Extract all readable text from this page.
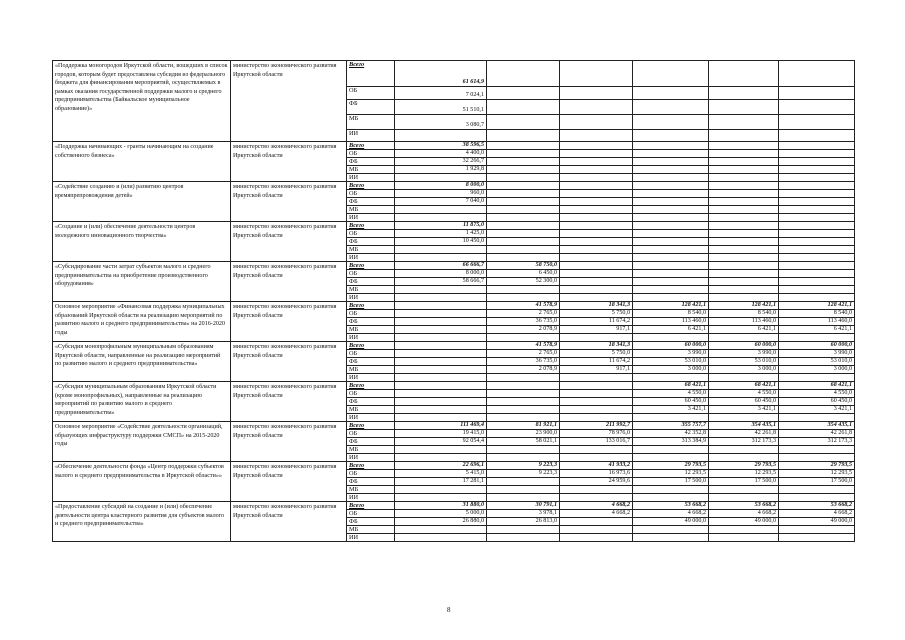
«Поддержка моногородов Иркутской области, вошедших в список городов, которым будет предоставлена субсидия из федерального бюджета для финансирования мероприятий, осуществляемых в рамках оказания государственной поддержки малого и среднего предпринимательства (Байкальское муниципальное образование)»	министерство экономического развития Иркутской области	Всего	61 614,9					
		ОБ	7 024,1					
		ФБ	51 510,1					
		МБ	3 080,7					
		ИИ						
«Поддержка начинающих - гранты начинающим на создание собственного бизнеса»	министерство экономического развития Иркутской области	Всего	38 596,5					
		ОБ	4 400,0					
		ФБ	32 266,7					
		МБ	1 929,8					
		ИИ						
«Содействие созданию и (или) развитию центров времяпрепровождения детей»	министерство экономического развития Иркутской области	Всего	8 000,0					
		ОБ	960,0					
		ФБ	7 040,0					
		МБ						
		ИИ						
«Создание и (или) обеспечение деятельности центров молодежного инновационного творчества»	министерство экономического развития Иркутской области	Всего	11 875,0					
		ОБ	1 425,0					
		ФБ	10 450,0					
		МБ						
		ИИ						
«Субсидирование части затрат субъектов малого и среднего предпринимательства на приобретение производственного оборудования»	министерство экономического развития Иркутской области	Всего	66 666,7	58 750,0				
		ОБ	8 000,0	6 450,0				
		ФБ	58 666,7	52 300,0				
		МБ						
		ИИ						
Основное мероприятие «Финансовая поддержка муниципальных образований Иркутской области на реализацию мероприятий по развитию малого и среднего предпринимательства» на 2016-2020 годы	министерство экономического развития Иркутской области	Всего		41 578,9	18 341,3	128 421,1	128 421,1	128 421,1
		ОБ		2 765,0	5 750,0	8 540,0	8 540,0	8 540,0
		ФБ		36 735,0	11 674,2	113 460,0	113 460,0	113 460,0
		МБ		2 078,9	917,1	6 421,1	6 421,1	6 421,1
		ИИ						
«Субсидия монопрофильным муниципальным образованиям Иркутской области, направленные на реализацию мероприятий по развитию малого и среднего предпринимательства»	министерство экономического развития Иркутской области	Всего		41 578,9	18 341,3	60 000,0	60 000,0	60 000,0
		ОБ		2 765,0	5 750,0	3 990,0	3 990,0	3 990,0
		ФБ		36 735,0	11 674,2	53 010,0	53 010,0	53 010,0
		МБ		2 078,9	917,1	3 000,0	3 000,0	3 000,0
		ИИ						
«Субсидия муниципальным образованиям Иркутской области (кроме монопрофильных), направленные на реализацию мероприятий по развитию малого и среднего предпринимательства»	министерство экономического развития Иркутской области	Всего				68 421,1	68 421,1	68 421,1
		ОБ				4 550,0	4 550,0	4 550,0
		ФБ				60 450,0	60 450,0	60 450,0
		МБ				3 421,1	3 421,1	3 421,1
		ИИ						
Основное мероприятие «Содействие деятельности организаций, образующих инфраструктуру поддержки СМСП» на 2015-2020 годы	министерство экономического развития Иркутской области	Всего	111 469,4	81 921,1	211 992,7	355 757,7	354 435,1	354 435,1
		ОБ	19 415,0	23 900,0	78 976,0	42 352,8	42 261,8	42 261,8
		ФБ	92 054,4	58 021,1	133 016,7	313 384,9	312 173,3	312 173,3
		МБ						
		ИИ						
«Обеспечение деятельности фонда «Центр поддержки субъектов малого и среднего предпринимательства в Иркутской области»»	министерство экономического развития Иркутской области	Всего	22 696,1	9 223,3	41 933,2	29 793,5	29 793,5	29 793,5
		ОБ	5 415,0	9 223,3	16 973,6	12 293,5	12 293,5	12 293,5
		ФБ	17 281,1		24 959,6	17 500,0	17 500,0	17 500,0
		МБ						
		ИИ						
«Предоставление субсидий на создание и (или) обеспечение деятельности центра кластерного развития для субъектов малого и среднего предпринимательства»	министерство экономического развития Иркутской области	Всего	31 880,0	30 791,1	4 668,2	53 668,2	53 668,2	53 668,2
		ОБ	5 000,0	3 978,1	4 668,2	4 668,2	4 668,2	4 668,2
		ФБ	26 880,0	26 813,0		49 000,0	49 000,0	49 000,0
		МБ						
		ИИ						
8
